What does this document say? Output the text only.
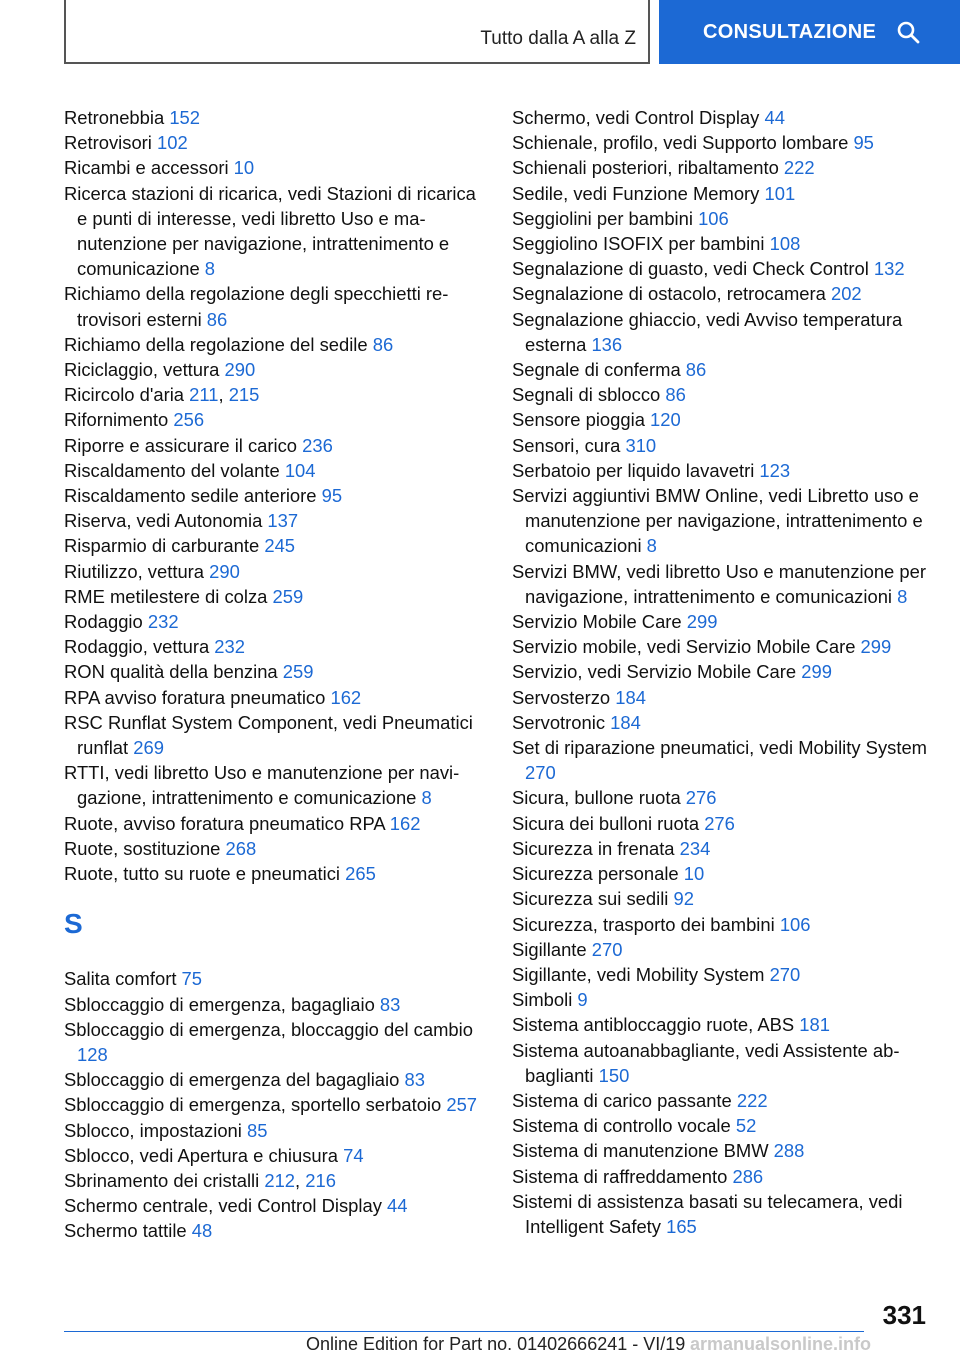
Tutto dalla A alla Z	CONSULTAZIONE
Retronebbia 152
Retrovisori 102
Ricambi e accessori 10
Ricerca stazioni di ricarica, vedi Stazioni di ricarica e punti di interesse, vedi libretto Uso e manutenzione per navigazione, intrattenimento e comunicazione 8
Richiamo della regolazione degli specchietti retrovisori esterni 86
Richiamo della regolazione del sedile 86
Riciclaggio, vettura 290
Ricircolo d'aria 211, 215
Rifornimento 256
Riporre e assicurare il carico 236
Riscaldamento del volante 104
Riscaldamento sedile anteriore 95
Riserva, vedi Autonomia 137
Risparmio di carburante 245
Riutilizzo, vettura 290
RME metilestere di colza 259
Rodaggio 232
Rodaggio, vettura 232
RON qualità della benzina 259
RPA avviso foratura pneumatico 162
RSC Runflat System Component, vedi Pneumatici runflat 269
RTTI, vedi libretto Uso e manutenzione per navigazione, intrattenimento e comunicazione 8
Ruote, avviso foratura pneumatico RPA 162
Ruote, sostituzione 268
Ruote, tutto su ruote e pneumatici 265
S
Salita comfort 75
Sbloccaggio di emergenza, bagagliaio 83
Sbloccaggio di emergenza, bloccaggio del cambio 128
Sbloccaggio di emergenza del bagagliaio 83
Sbloccaggio di emergenza, sportello serbatoio 257
Sblocco, impostazioni 85
Sblocco, vedi Apertura e chiusura 74
Sbrinamento dei cristalli 212, 216
Schermo centrale, vedi Control Display 44
Schermo tattile 48
Schermo, vedi Control Display 44
Schienale, profilo, vedi Supporto lombare 95
Schienali posteriori, ribaltamento 222
Sedile, vedi Funzione Memory 101
Seggiolini per bambini 106
Seggiolino ISOFIX per bambini 108
Segnalazione di guasto, vedi Check Control 132
Segnalazione di ostacolo, retrocamera 202
Segnalazione ghiaccio, vedi Avviso temperatura esterna 136
Segnale di conferma 86
Segnali di sblocco 86
Sensore pioggia 120
Sensori, cura 310
Serbatoio per liquido lavavetri 123
Servizi aggiuntivi BMW Online, vedi Libretto uso e manutenzione per navigazione, intrattenimento e comunicazioni 8
Servizi BMW, vedi libretto Uso e manutenzione per navigazione, intrattenimento e comunicazioni 8
Servizio Mobile Care 299
Servizio mobile, vedi Servizio Mobile Care 299
Servizio, vedi Servizio Mobile Care 299
Servosterzo 184
Servotronic 184
Set di riparazione pneumatici, vedi Mobility System 270
Sicura, bullone ruota 276
Sicura dei bulloni ruota 276
Sicurezza in frenata 234
Sicurezza personale 10
Sicurezza sui sedili 92
Sicurezza, trasporto dei bambini 106
Sigillante 270
Sigillante, vedi Mobility System 270
Simboli 9
Sistema antibloccaggio ruote, ABS 181
Sistema autoanabbagliante, vedi Assistente abbaglianti 150
Sistema di carico passante 222
Sistema di controllo vocale 52
Sistema di manutenzione BMW 288
Sistema di raffreddamento 286
Sistemi di assistenza basati su telecamera, vedi Intelligent Safety 165
331
Online Edition for Part no. 01402666241 - VI/19 armanualsonline.info
